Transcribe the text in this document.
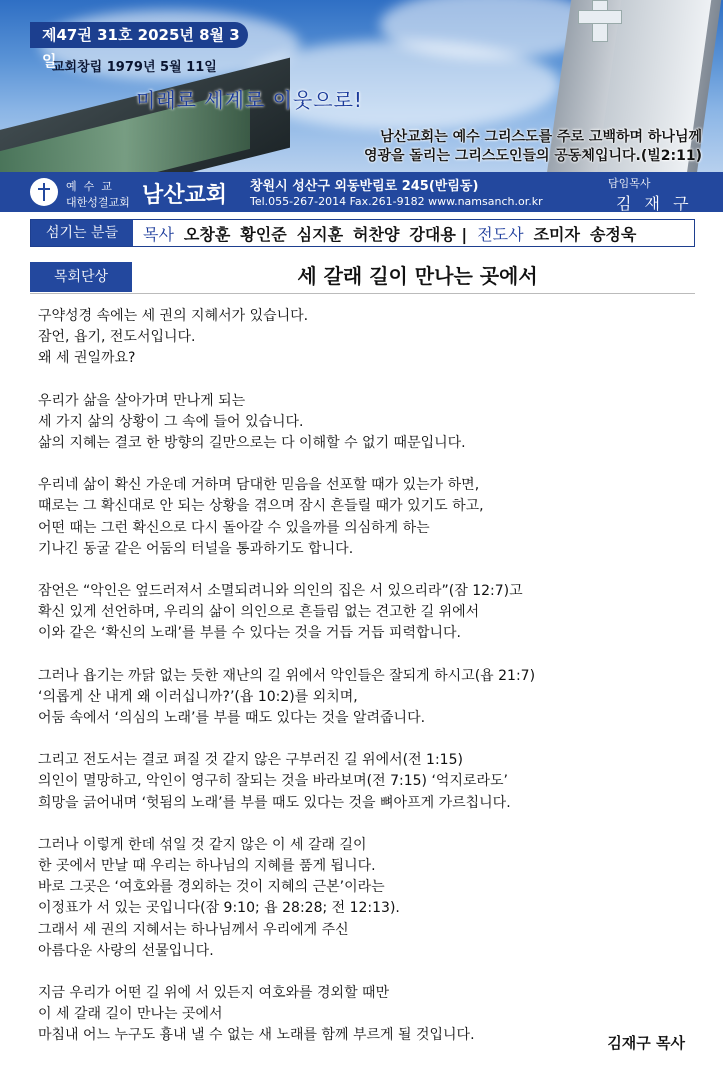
제47권 31호 2025년 8월 3일
교회창립 1979년 5월 11일
미래로 세계로 이웃으로!
남산교회는 예수 그리스도를 주로 고백하며 하나님께
영광을 돌리는 그리스도인들의 공동체입니다.(빌2:11)
예수교
대한성결교회 남산교회 창원시 성산구 외동반림로 245(반림동)
Tel.055-267-2014 Fax.261-9182 www.namsanch.or.kr
담임목사
김 재 구
섬기는 분들	목사 오창훈 황인준 심지훈 허찬양 강대용 | 전도사 조미자 송정욱
목회단상	세 갈래 길이 만나는 곳에서
구약성경 속에는 세 권의 지혜서가 있습니다.
잠언, 욥기, 전도서입니다.
왜 세 권일까요?
우리가 삶을 살아가며 만나게 되는
세 가지 삶의 상황이 그 속에 들어 있습니다.
삶의 지혜는 결코 한 방향의 길만으로는 다 이해할 수 없기 때문입니다.
우리네 삶이 확신 가운데 거하며 담대한 믿음을 선포할 때가 있는가 하면,
때로는 그 확신대로 안 되는 상황을 겪으며 잠시 흔들릴 때가 있기도 하고,
어떤 때는 그런 확신으로 다시 돌아갈 수 있을까를 의심하게 하는
기나긴 동굴 같은 어둠의 터널을 통과하기도 합니다.
잠언은 “악인은 엎드러져서 소멸되려니와 의인의 집은 서 있으리라”(잠 12:7)고
확신 있게 선언하며, 우리의 삶이 의인으로 흔들림 없는 견고한 길 위에서
이와 같은 ‘확신의 노래’를 부를 수 있다는 것을 거듭 거듭 피력합니다.
그러나 욥기는 까닭 없는 듯한 재난의 길 위에서 악인들은 잘되게 하시고(욥 21:7)
‘의롭게 산 내게 왜 이러십니까?’(욥 10:2)를 외치며,
어둠 속에서 ‘의심의 노래’를 부를 때도 있다는 것을 알려줍니다.
그리고 전도서는 결코 펴질 것 같지 않은 구부러진 길 위에서(전 1:15)
의인이 멸망하고, 악인이 영구히 잘되는 것을 바라보며(전 7:15) ‘억지로라도’
희망을 긁어내며 ‘헛됨의 노래’를 부를 때도 있다는 것을 뼈아프게 가르칩니다.
그러나 이렇게 한데 섞일 것 같지 않은 이 세 갈래 길이
한 곳에서 만날 때 우리는 하나님의 지혜를 품게 됩니다.
바로 그곳은 ‘여호와를 경외하는 것이 지혜의 근본’이라는
이정표가 서 있는 곳입니다(잠 9:10; 욥 28:28; 전 12:13).
그래서 세 권의 지혜서는 하나님께서 우리에게 주신
아름다운 사랑의 선물입니다.
지금 우리가 어떤 길 위에 서 있든지 여호와를 경외할 때만
이 세 갈래 길이 만나는 곳에서
마침내 어느 누구도 흉내 낼 수 없는 새 노래를 함께 부르게 될 것입니다.	김재구 목사
